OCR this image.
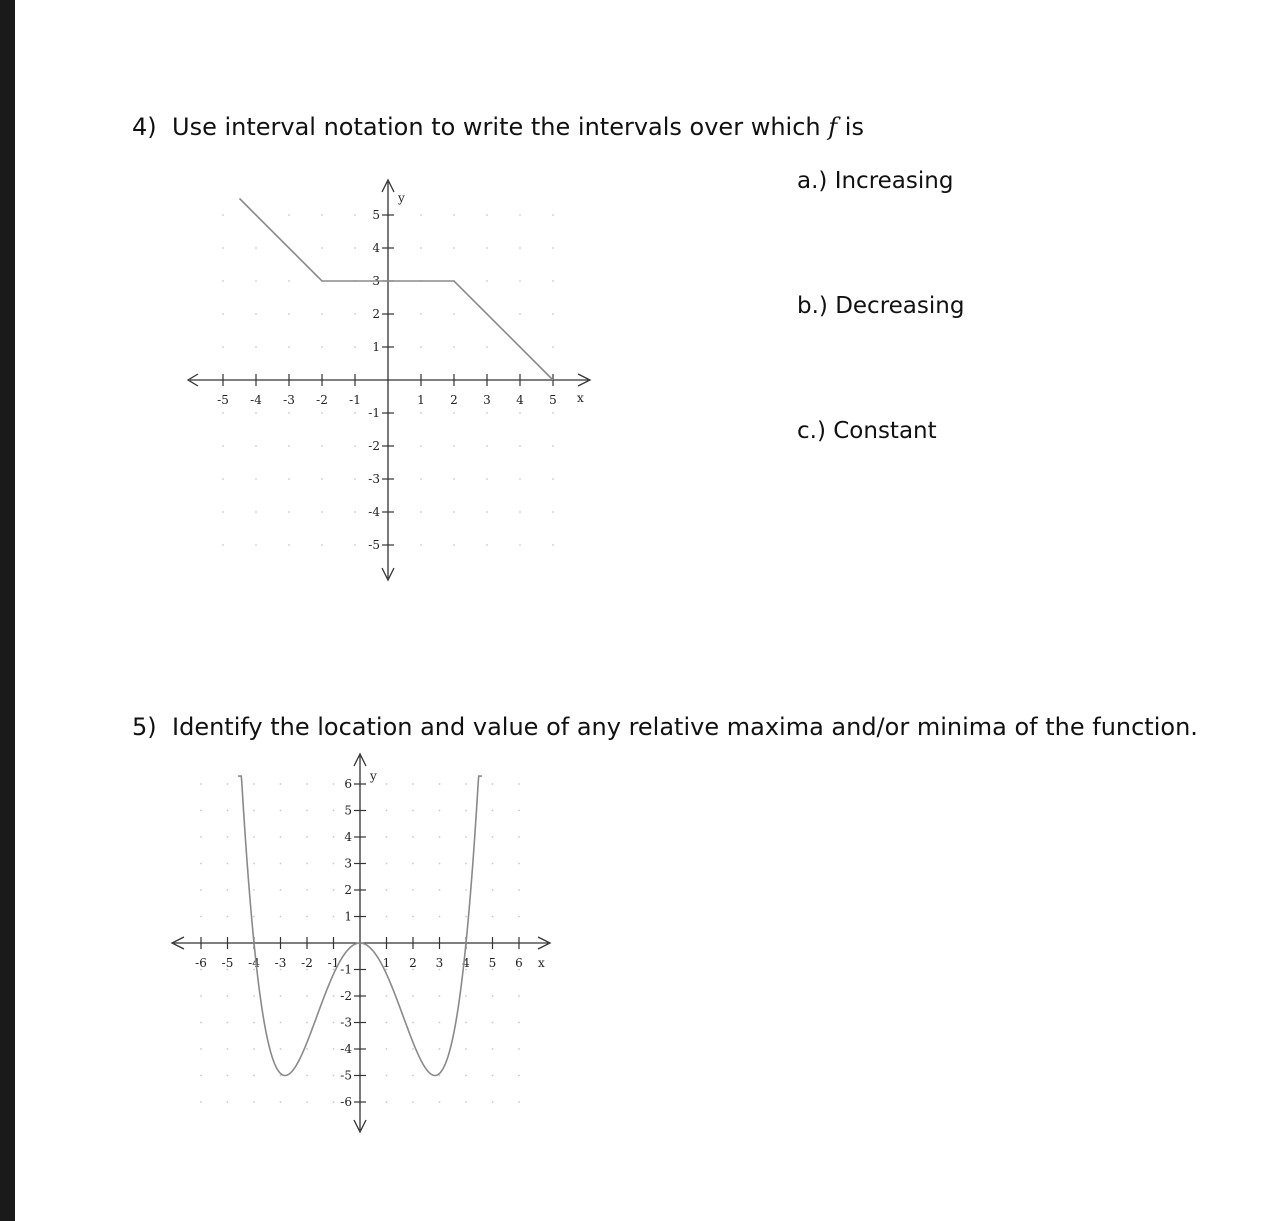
4) Use interval notation to write the intervals over which f is
a.) Increasing
b.) Decreasing
c.) Constant
-5 -4 -3 -2 -1	1 2 3 4 5
5
4
3
2
1
-1
-2
-3
-4
-5
x
y
5) Identify the location and value of any relative maxima and/or minima of the function.
-6 -5 -4 -3 -2 -1	1 2 3 4 5 6
6
5
4
3
2
1
-1
-2
-3
-4
-5
-6
x
y
